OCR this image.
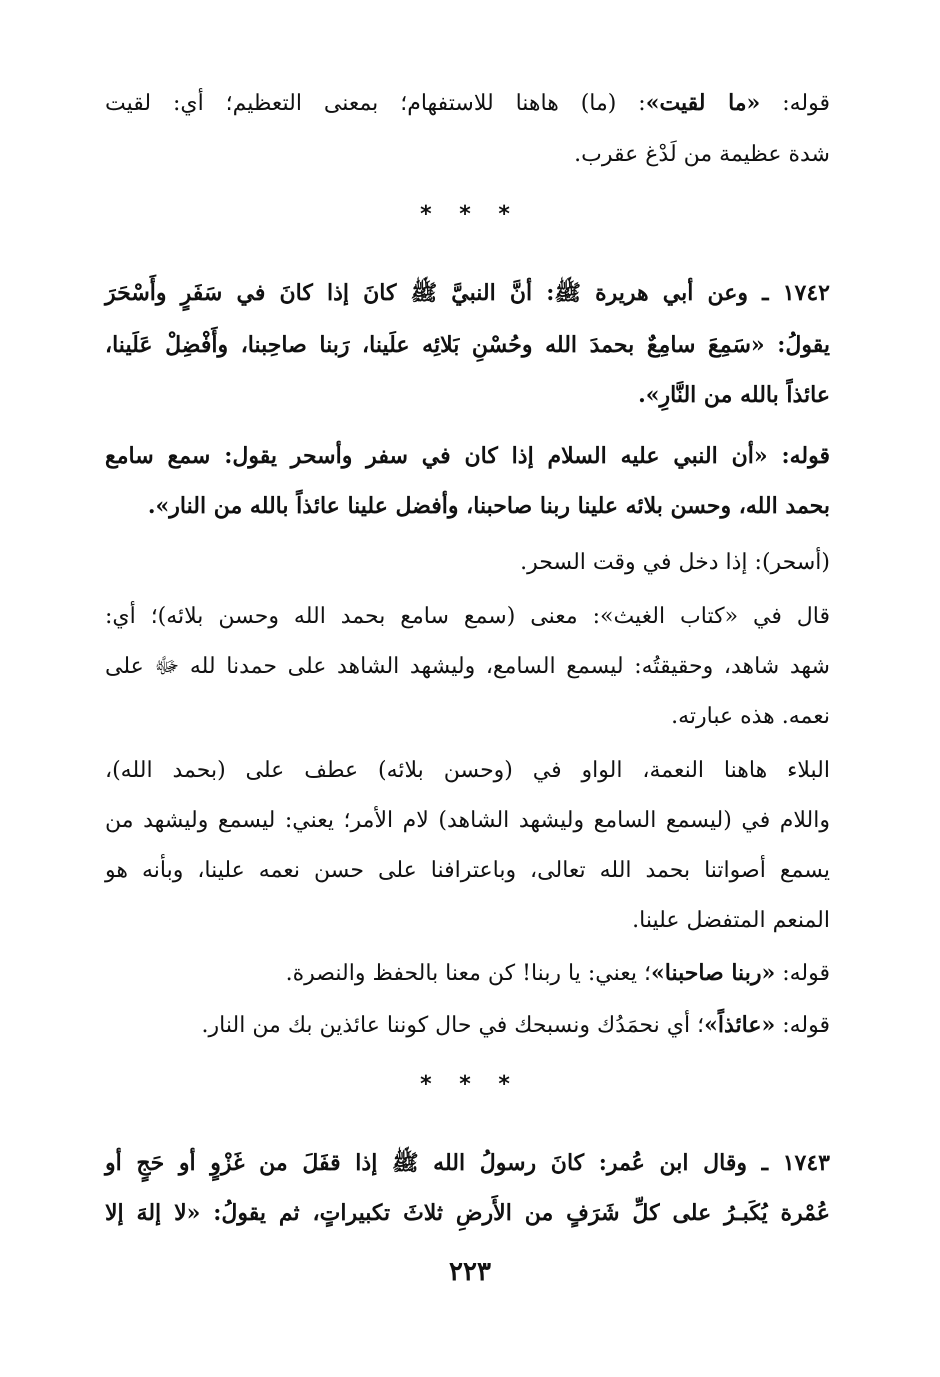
قوله: «ما لقيت»: (ما) هاهنا للاستفهام؛ بمعنى التعظيم؛ أي: لقيت
شدة عظيمة من لَدْغ عقرب.
* * *
١٧٤٢ ـ وعن أبي هريرة ﷺ: أنَّ النبيَّ ﷺ كانَ إذا كانَ في سَفَرٍ وأَسْحَرَ
يقولُ: «سَمِعَ سامِعٌ بحمدَ الله وحُسْنِ بَلائِه علَينا، رَبنا صاحِبنا، وأَفْضِلْ عَلَينا،
عائذاً بالله من النَّارِ».
قوله: «أن النبي عليه السلام إذا كان في سفر وأسحر يقول: سمع سامع
بحمد الله، وحسن بلائه علينا ربنا صاحبنا، وأفضل علينا عائذاً بالله من النار».
(أسحر): إذا دخل في وقت السحر.
قال في «كتاب الغيث»: معنى (سمع سامع بحمد الله وحسن بلائه)؛ أي:
شهد شاهد، وحقيقتُه: ليسمع السامع، وليشهد الشاهد على حمدنا لله ﷻ على
نعمه. هذه عبارته.
البلاء هاهنا النعمة، الواو في (وحسن بلائه) عطف على (بحمد الله)،
واللام في (ليسمع السامع وليشهد الشاهد) لام الأمر؛ يعني: ليسمع وليشهد من
يسمع أصواتنا بحمد الله تعالى، وباعترافنا على حسن نعمه علينا، وبأنه هو
المنعم المتفضل علينا.
قوله: «ربنا صاحبنا»؛ يعني: يا ربنا! كن معنا بالحفظ والنصرة.
قوله: «عائذاً»؛ أي نحمَدُك ونسبحك في حال كوننا عائذين بك من النار.
* * *
١٧٤٣ ـ وقال ابن عُمر: كانَ رسولُ الله ﷺ إذا قفَلَ من غَزْوٍ أو حَجٍ أو
عُمْرة يُكَبـرُ على كلِّ شَرَفٍ من الأَرضِ ثلاثَ تكبيراتٍ، ثم يقولُ: «لا إلهَ إلا
٢٢٣
